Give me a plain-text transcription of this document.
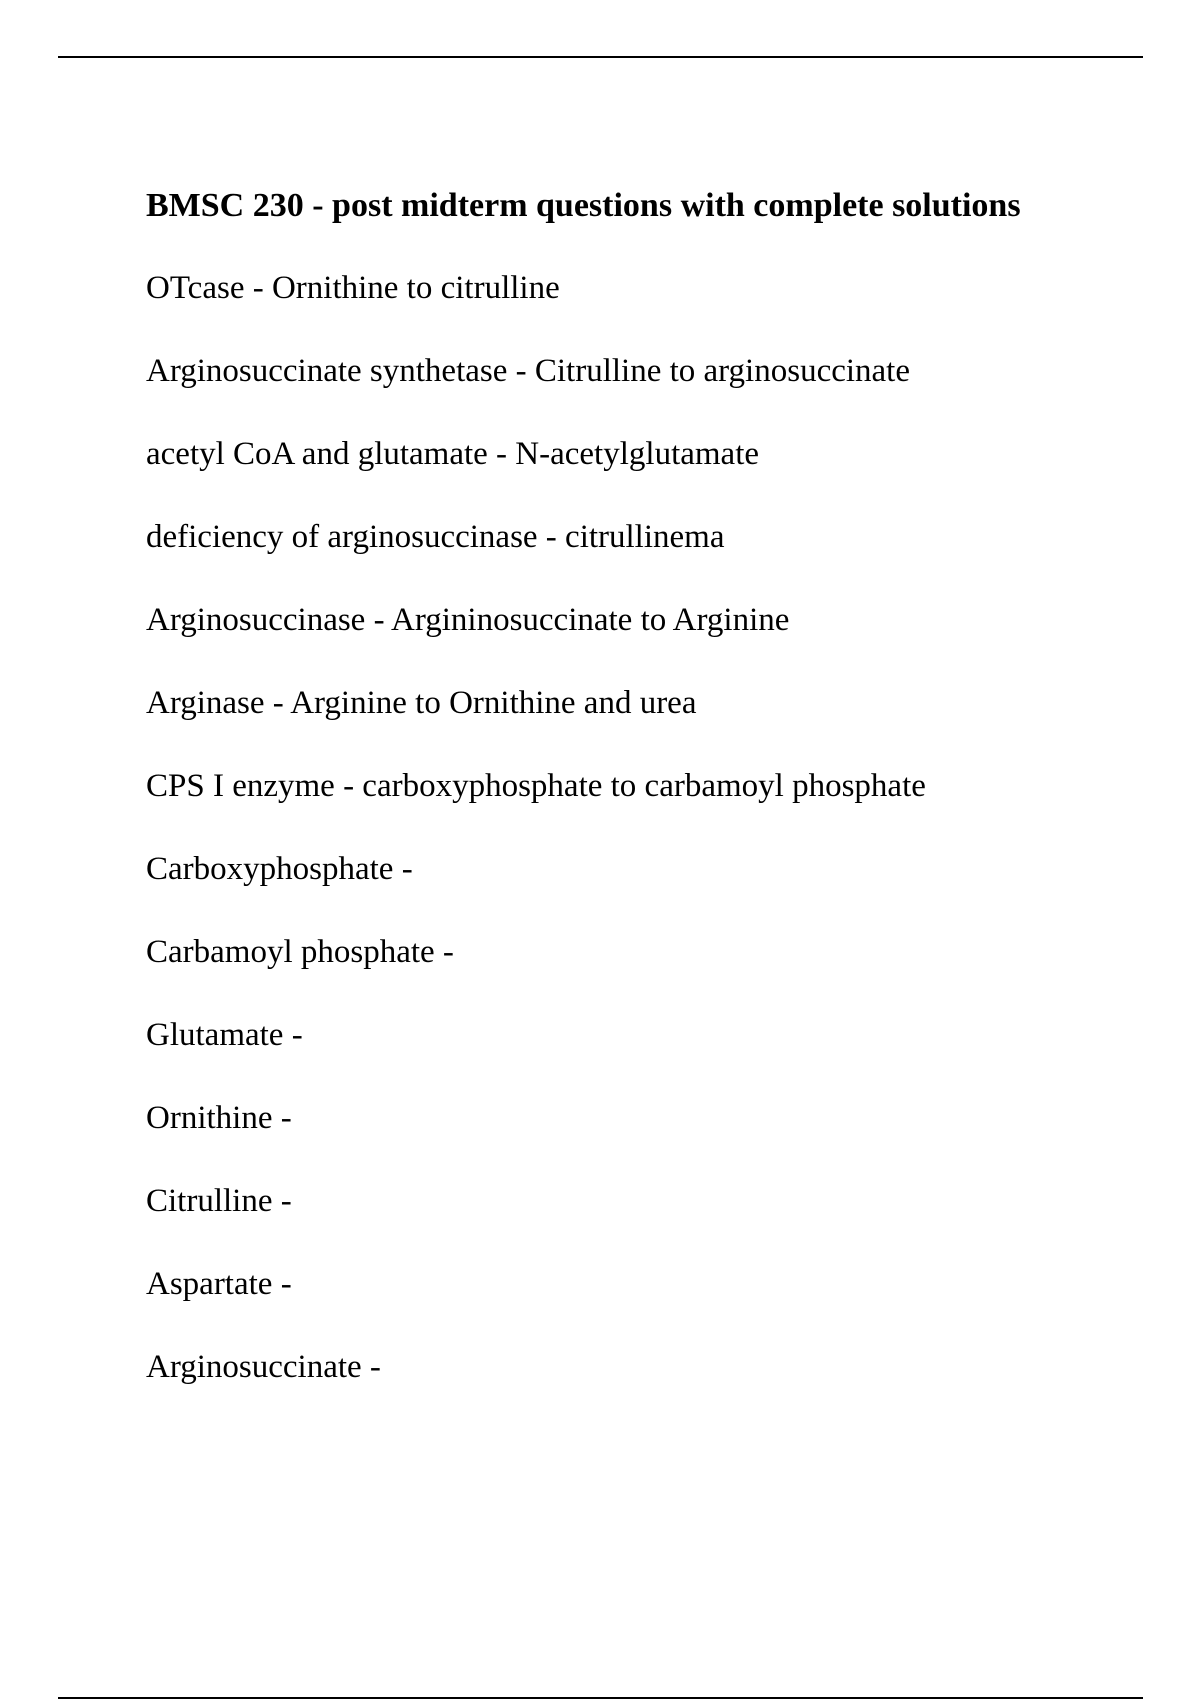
BMSC 230 - post midterm questions with complete solutions

OTcase - Ornithine to citrulline

Arginosuccinate synthetase - Citrulline to arginosuccinate

acetyl CoA and glutamate - N-acetylglutamate

deficiency of arginosuccinase - citrullinema

Arginosuccinase - Argininosuccinate to Arginine

Arginase - Arginine to Ornithine and urea

CPS I enzyme - carboxyphosphate to carbamoyl phosphate

Carboxyphosphate -

Carbamoyl phosphate -

Glutamate -

Ornithine -

Citrulline -

Aspartate -

Arginosuccinate -
